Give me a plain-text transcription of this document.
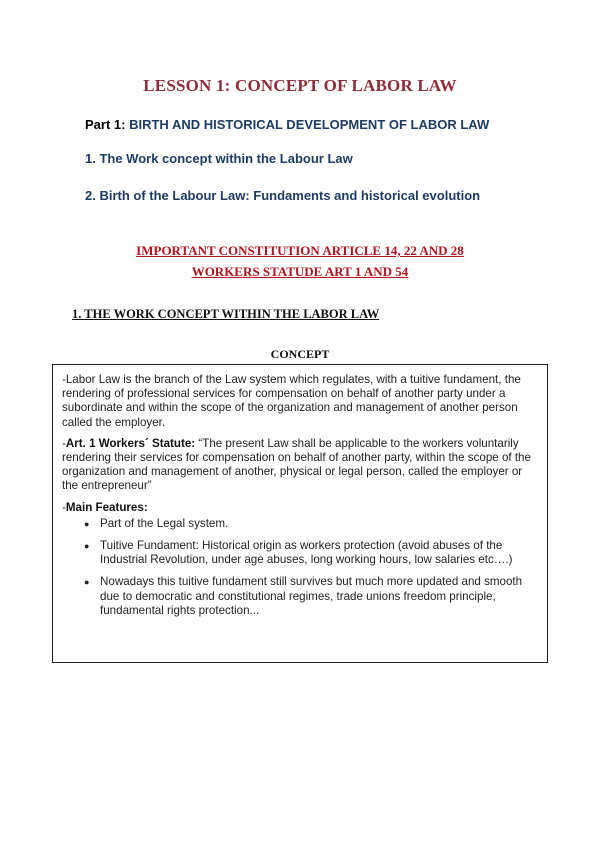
LESSON 1: CONCEPT OF LABOR LAW
Part 1: BIRTH AND HISTORICAL DEVELOPMENT OF LABOR LAW
1. The Work concept within the Labour Law
2. Birth of the Labour Law: Fundaments and historical evolution
IMPORTANT CONSTITUTION ARTICLE 14, 22 AND 28
WORKERS STATUDE ART 1 AND 54
1. THE WORK CONCEPT WITHIN THE LABOR LAW
CONCEPT

-Labor Law is the branch of the Law system which regulates, with a tuitive fundament, the rendering of professional services for compensation on behalf of another party under a subordinate and within the scope of the organization and management of another person called the employer.

-Art. 1 Workers´ Statute: “The present Law shall be applicable to the workers voluntarily rendering their services for compensation on behalf of another party, within the scope of the organization and management of another, physical or legal person, called the employer or the entrepreneur”

-Main Features:

● Part of the Legal system.
● Tuitive Fundament: Historical origin as workers protection (avoid abuses of the Industrial Revolution, under age abuses, long working hours, low salaries etc….)
● Nowadays this tuitive fundament still survives but much more updated and smooth due to democratic and constitutional regimes, trade unions freedom principle, fundamental rights protection...
